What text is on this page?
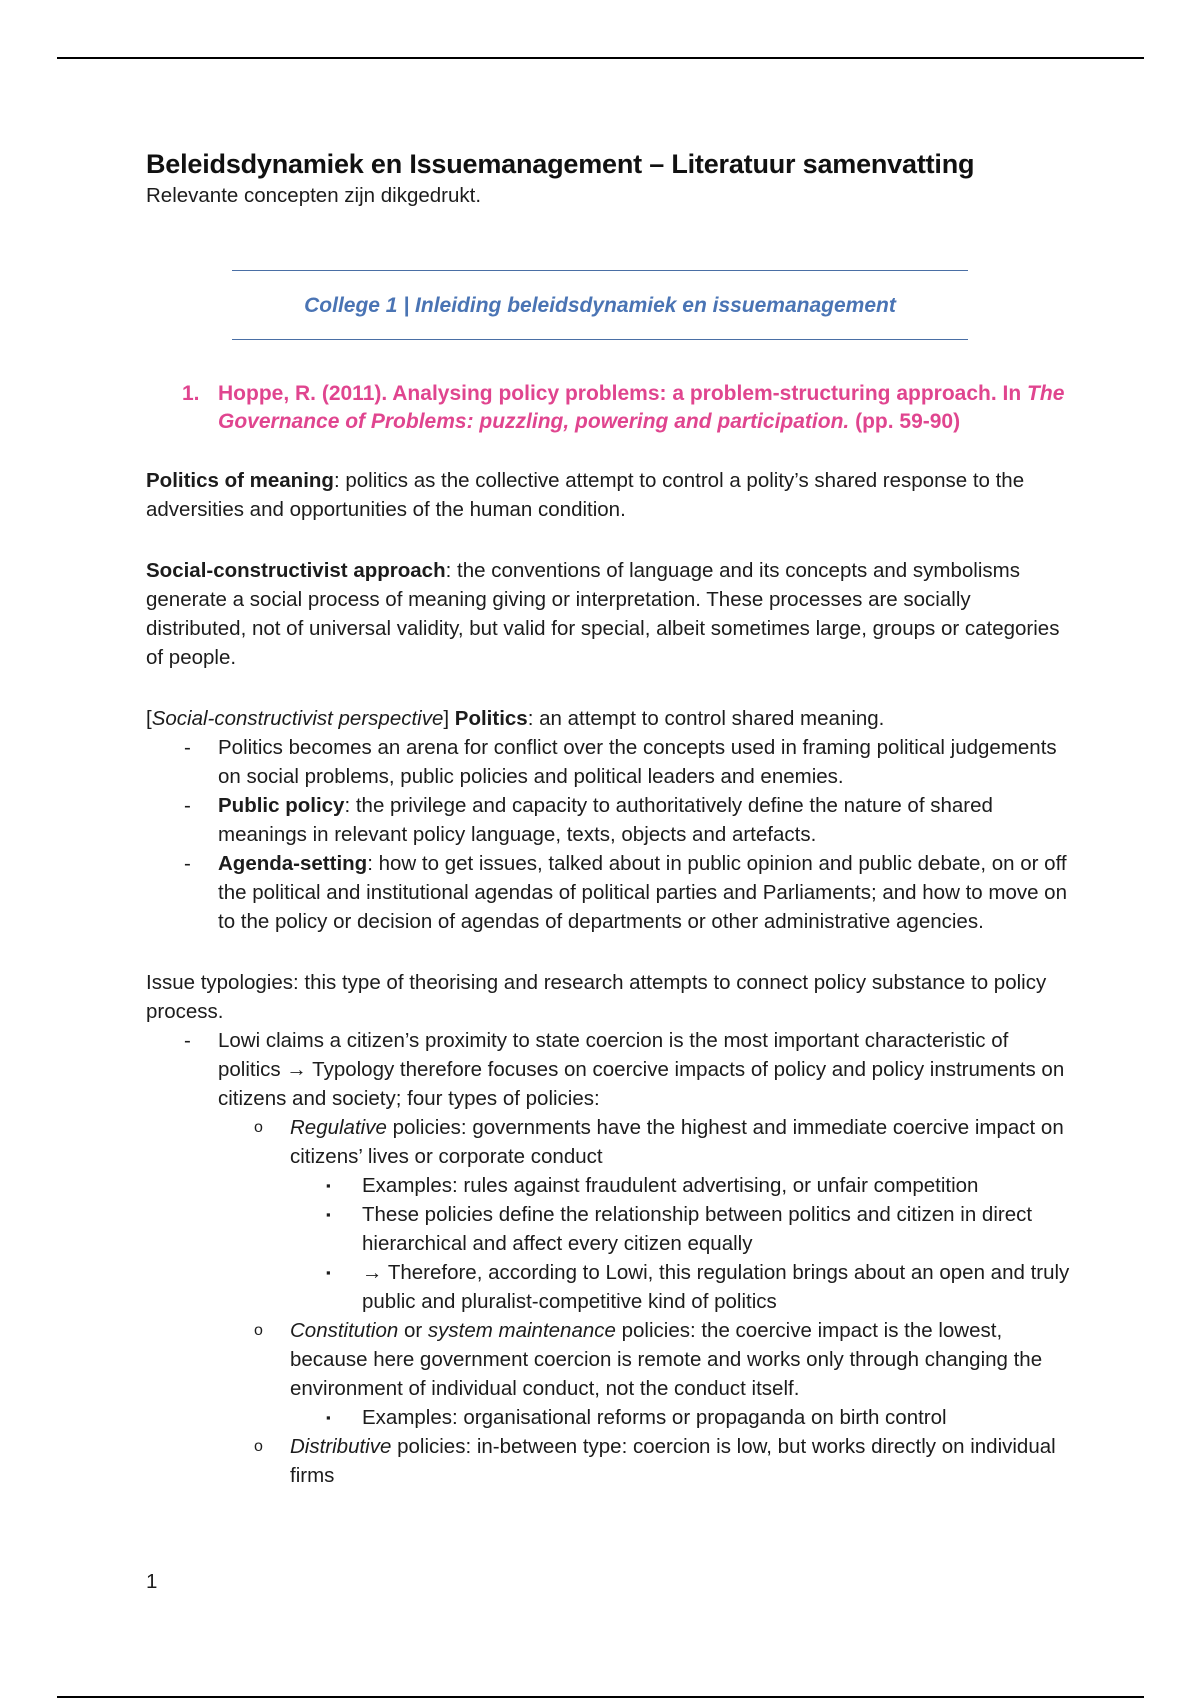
Beleidsdynamiek en Issuemanagement – Literatuur samenvatting

Relevante concepten zijn dikgedrukt.

College 1 | Inleiding beleidsdynamiek en issuemanagement
1. Hoppe, R. (2011). Analysing policy problems: a problem-structuring approach. In The Governance of Problems: puzzling, powering and participation. (pp. 59-90)

Politics of meaning: politics as the collective attempt to control a polity’s shared response to the adversities and opportunities of the human condition.

Social-constructivist approach: the conventions of language and its concepts and symbolisms generate a social process of meaning giving or interpretation. These processes are socially distributed, not of universal validity, but valid for special, albeit sometimes large, groups or categories of people.

[Social-constructivist perspective] Politics: an attempt to control shared meaning.

- Politics becomes an arena for conflict over the concepts used in framing political judgements on social problems, public policies and political leaders and enemies.
- Public policy: the privilege and capacity to authoritatively define the nature of shared meanings in relevant policy language, texts, objects and artefacts.
- Agenda-setting: how to get issues, talked about in public opinion and public debate, on or off the political and institutional agendas of political parties and Parliaments; and how to move on to the policy or decision of agendas of departments or other administrative agencies.

Issue typologies: this type of theorising and research attempts to connect policy substance to policy process.

- Lowi claims a citizen’s proximity to state coercion is the most important characteristic of politics → Typology therefore focuses on coercive impacts of policy and policy instruments on citizens and society; four types of policies:
o Regulative policies: governments have the highest and immediate coercive impact on citizens’ lives or corporate conduct
▪ Examples: rules against fraudulent advertising, or unfair competition
▪ These policies define the relationship between politics and citizen in direct hierarchical and affect every citizen equally
▪ → Therefore, according to Lowi, this regulation brings about an open and truly public and pluralist-competitive kind of politics
o Constitution or system maintenance policies: the coercive impact is the lowest, because here government coercion is remote and works only through changing the environment of individual conduct, not the conduct itself.
▪ Examples: organisational reforms or propaganda on birth control
o Distributive policies: in-between type: coercion is low, but works directly on individual firms
1
